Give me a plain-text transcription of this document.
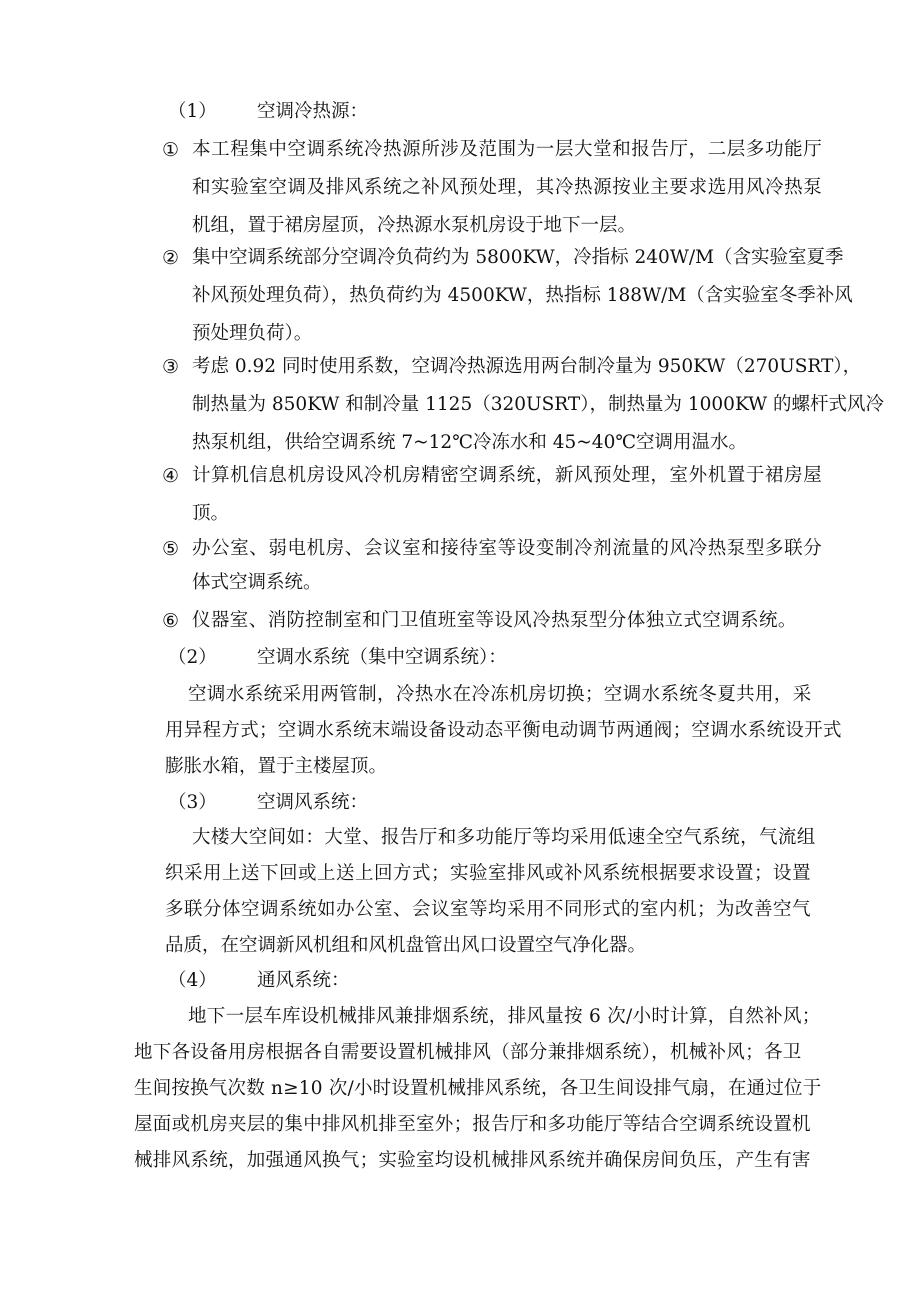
（1） 空调冷热源：
① 本工程集中空调系统冷热源所涉及范围为一层大堂和报告厅，二层多功能厅
和实验室空调及排风系统之补风预处理，其冷热源按业主要求选用风冷热泵
机组，置于裙房屋顶，冷热源水泵机房设于地下一层。
② 集中空调系统部分空调冷负荷约为 5800KW，冷指标 240W/M（含实验室夏季
补风预处理负荷），热负荷约为 4500KW，热指标 188W/M（含实验室冬季补风
预处理负荷）。
③ 考虑 0.92 同时使用系数，空调冷热源选用两台制冷量为 950KW（270USRT），
制热量为 850KW 和制冷量 1125（320USRT），制热量为 1000KW 的螺杆式风冷
热泵机组，供给空调系统 7~12℃冷冻水和 45~40℃空调用温水。
④ 计算机信息机房设风冷机房精密空调系统，新风预处理，室外机置于裙房屋
顶。
⑤ 办公室、弱电机房、会议室和接待室等设变制冷剂流量的风冷热泵型多联分
体式空调系统。
⑥ 仪器室、消防控制室和门卫值班室等设风冷热泵型分体独立式空调系统。
（2） 空调水系统（集中空调系统）：
空调水系统采用两管制，冷热水在冷冻机房切换；空调水系统冬夏共用，采
用异程方式；空调水系统末端设备设动态平衡电动调节两通阀；空调水系统设开式
膨胀水箱，置于主楼屋顶。
（3） 空调风系统：
大楼大空间如：大堂、报告厅和多功能厅等均采用低速全空气系统，气流组
织采用上送下回或上送上回方式；实验室排风或补风系统根据要求设置；设置
多联分体空调系统如办公室、会议室等均采用不同形式的室内机；为改善空气
品质，在空调新风机组和风机盘管出风口设置空气净化器。
（4） 通风系统：
地下一层车库设机械排风兼排烟系统，排风量按 6 次/小时计算，自然补风；
地下各设备用房根据各自需要设置机械排风（部分兼排烟系统），机械补风；各卫
生间按换气次数 n≥10 次/小时设置机械排风系统，各卫生间设排气扇，在通过位于
屋面或机房夹层的集中排风机排至室外；报告厅和多功能厅等结合空调系统设置机
械排风系统，加强通风换气；实验室均设机械排风系统并确保房间负压，产生有害
